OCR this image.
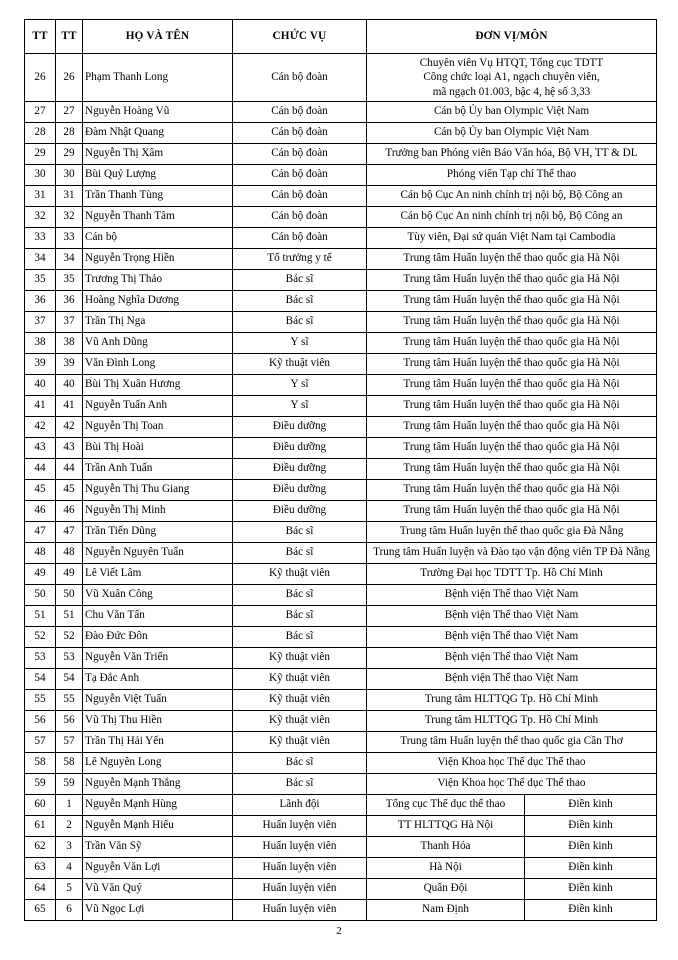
TT	TT	HỌ VÀ TÊN	CHỨC VỤ	ĐƠN VỊ/MÔN	
26	26	Phạm Thanh Long	Cán bộ đoàn	Chuyên viên Vụ HTQT, Tổng cục TDTT
Công chức loại A1, ngạch chuyên viên,
mã ngạch 01.003, bậc 4, hệ số 3,33	

27	27	Nguyễn Hoàng Vũ	Cán bộ đoàn	Cán bộ Ủy ban Olympic Việt Nam	
28	28	Đàm Nhật Quang	Cán bộ đoàn	Cán bộ Ủy ban Olympic Việt Nam	
29	29	Nguyễn Thị Xâm	Cán bộ đoàn	Trưởng ban Phóng viên Báo Văn hóa, Bộ VH, TT & DL	
30	30	Bùi Quý Lượng	Cán bộ đoàn	Phóng viên Tạp chí Thể thao	
31	31	Trần Thanh Tùng	Cán bộ đoàn	Cán bộ Cục An ninh chính trị nội bộ, Bộ Công an	
32	32	Nguyễn Thanh Tâm	Cán bộ đoàn	Cán bộ Cục An ninh chính trị nội bộ, Bộ Công an	
33	33	Cán bộ	Cán bộ đoàn	Tùy viên, Đại sứ quán Việt Nam tại Cambodia	
34	34	Nguyễn Trọng Hiền	Tổ trưởng y tế	Trung tâm Huấn luyện thể thao quốc gia Hà Nội	
35	35	Trương Thị Thảo	Bác sĩ	Trung tâm Huấn luyện thể thao quốc gia Hà Nội	
36	36	Hoàng Nghĩa Dương	Bác sĩ	Trung tâm Huấn luyện thể thao quốc gia Hà Nội	
37	37	Trần Thị Nga	Bác sĩ	Trung tâm Huấn luyện thể thao quốc gia Hà Nội	
38	38	Vũ Anh Dũng	Y sĩ	Trung tâm Huấn luyện thể thao quốc gia Hà Nội	
39	39	Văn Đình Long	Kỹ thuật viên	Trung tâm Huấn luyện thể thao quốc gia Hà Nội	
40	40	Bùi Thị Xuân Hương	Y sĩ	Trung tâm Huấn luyện thể thao quốc gia Hà Nội	
41	41	Nguyễn Tuấn Anh	Y sĩ	Trung tâm Huấn luyện thể thao quốc gia Hà Nội	
42	42	Nguyễn Thị Toan	Điều dưỡng	Trung tâm Huấn luyện thể thao quốc gia Hà Nội	
43	43	Bùi Thị Hoài	Điều dưỡng	Trung tâm Huấn luyện thể thao quốc gia Hà Nội	
44	44	Trần Anh Tuấn	Điều dưỡng	Trung tâm Huấn luyện thể thao quốc gia Hà Nội	
45	45	Nguyễn Thị Thu Giang	Điều dưỡng	Trung tâm Huấn luyện thể thao quốc gia Hà Nội	
46	46	Nguyễn Thị Minh	Điều dưỡng	Trung tâm Huấn luyện thể thao quốc gia Hà Nội	
47	47	Trần Tiến Dũng	Bác sĩ	Trung tâm Huấn luyện thể thao quốc gia Đà Nẵng	
48	48	Nguyễn Nguyên Tuấn	Bác sĩ	Trung tâm Huấn luyện và Đào tạo vận động viên TP Đà Nẵng	
49	49	Lê Viết Lâm	Kỹ thuật viên	Trường Đại học TDTT Tp. Hồ Chí Minh	
50	50	Vũ Xuân Công	Bác sĩ	Bệnh viện Thể thao Việt Nam	
51	51	Chu Văn Tấn	Bác sĩ	Bệnh viện Thể thao Việt Nam	
52	52	Đào Đức Đôn	Bác sĩ	Bệnh viện Thể thao Việt Nam	
53	53	Nguyễn Văn Triển	Kỹ thuật viên	Bệnh viện Thể thao Việt Nam	
54	54	Tạ Đắc Anh	Kỹ thuật viên	Bệnh viện Thể thao Việt Nam	
55	55	Nguyễn Việt Tuấn	Kỹ thuật viên	Trung tâm HLTTQG Tp. Hồ Chí Minh	
56	56	Vũ Thị Thu Hiền	Kỹ thuật viên	Trung tâm HLTTQG Tp. Hồ Chí Minh	
57	57	Trần Thị Hải Yến	Kỹ thuật viên	Trung tâm Huấn luyện thể thao quốc gia Cần Thơ	
58	58	Lê Nguyên Long	Bác sĩ	Viện Khoa học Thể dục Thể thao	
59	59	Nguyễn Mạnh Thắng	Bác sĩ	Viện Khoa học Thể dục Thể thao	
60	1	Nguyễn Mạnh Hùng	Lãnh đội	Tổng cục Thể dục thể thao	Điền kinh
61	2	Nguyễn Mạnh Hiếu	Huấn luyện viên	TT HLTTQG Hà Nội	Điền kinh
62	3	Trần Văn Sỹ	Huấn luyện viên	Thanh Hóa	Điền kinh
63	4	Nguyễn Văn Lợi	Huấn luyện viên	Hà Nội	Điền kinh
64	5	Vũ Văn Quý	Huấn luyện viên	Quân Đội	Điền kinh
65	6	Vũ Ngọc Lợi	Huấn luyện viên	Nam Định	Điền kinh
2
